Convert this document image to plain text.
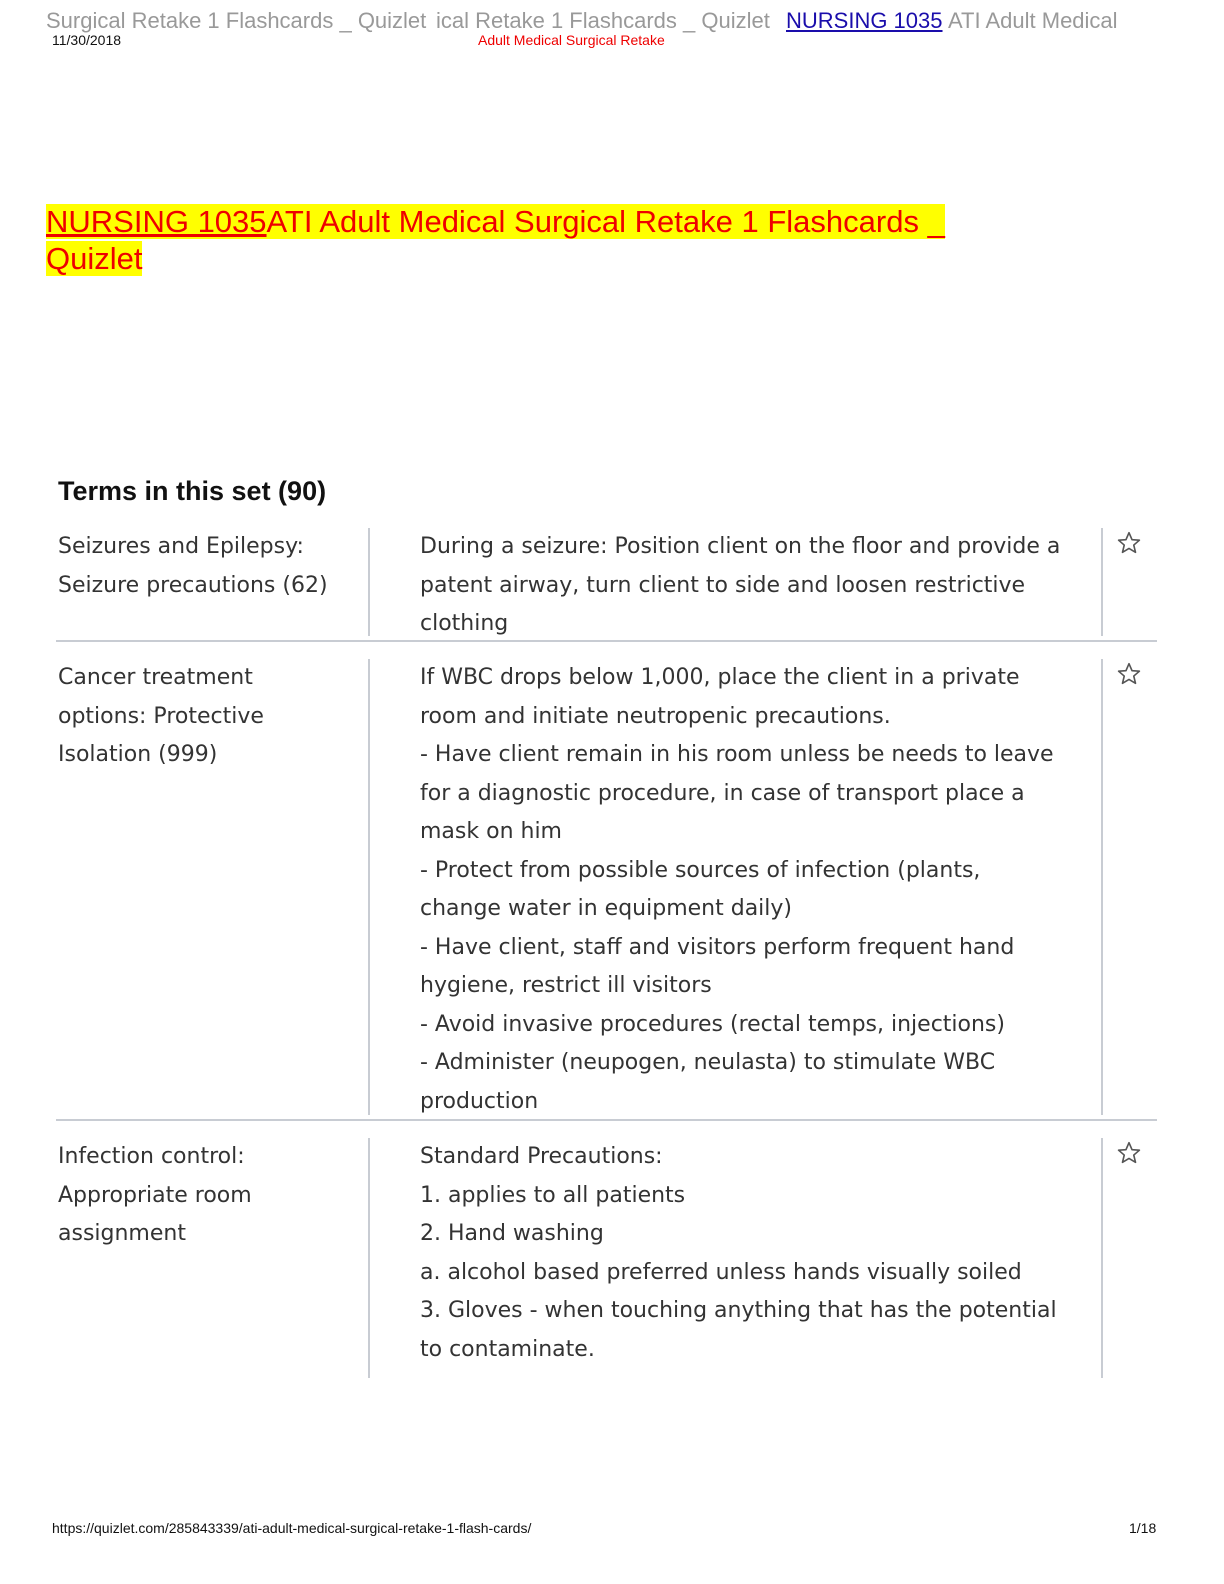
Surgical Retake 1 Flashcards _ Quizlet ical Retake 1 Flashcards _ Quizlet NURSING 1035 ATI Adult Medical
11/30/2018	Adult Medical Surgical Retake
NURSING 1035ATI Adult Medical Surgical Retake 1 Flashcards _
Quizlet
Terms in this set (90)
Seizures and Epilepsy:
Seizure precautions (62)
During a seizure: Position client on the floor and provide a
patent airway, turn client to side and loosen restrictive
clothing
Cancer treatment
options: Protective
Isolation (999)
If WBC drops below 1,000, place the client in a private
room and initiate neutropenic precautions.
- Have client remain in his room unless be needs to leave
for a diagnostic procedure, in case of transport place a
mask on him
- Protect from possible sources of infection (plants,
change water in equipment daily)
- Have client, staff and visitors perform frequent hand
hygiene, restrict ill visitors
- Avoid invasive procedures (rectal temps, injections)
- Administer (neupogen, neulasta) to stimulate WBC
production
Infection control:
Appropriate room
assignment
Standard Precautions:
1. applies to all patients
2. Hand washing
a. alcohol based preferred unless hands visually soiled
3. Gloves - when touching anything that has the potential
to contaminate.
https://quizlet.com/285843339/ati-adult-medical-surgical-retake-1-flash-cards/	1/18
